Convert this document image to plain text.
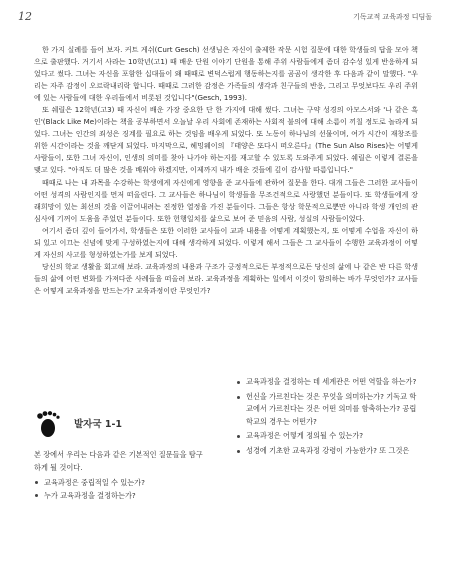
12	기독교적 교육과정 디딤돌

한 가지 실례를 들어 보자. 커트 게쉬(Curt Gesch) 선생님은 자신이 출제한 작문 시험 질문에 대한 학생들의 답을 모아 책으로 출판했다. 거기서 사라는 10학년(고1) 때 배운 단원 이야기 단원을 통해 주위 사람들에게 좀더 감수성 있게 반응하게 되었다고 썼다. 그녀는 자신을 포함한 십대들이 왜 때때로 변덕스럽게 행동하는지를 곰곰이 생각한 후 다음과 같이 말했다. "우리는 자주 감정이 오르락내리락 합니다. 때때로 그러한 감정은 가족들의 생각과 친구들의 반응, 그리고 무엇보다도 우리 주위에 있는 사람들에 대한 우리들에서 비롯된 것입니다"(Gesch, 1993).

또 쉐릴은 12학년(고3) 때 자신이 배운 가장 중요한 단 한 가지에 대해 썼다. 그녀는 구약 성경의 아모스서와 '나 같은 흑인'(Black Like Me)이라는 책을 공부하면서 오늘날 우리 사회에 존재하는 사회적 불의에 대해 소름이 끼칠 정도로 놀라게 되었다. 그녀는 인간의 죄성은 징계를 필요로 하는 것임을 배우게 되었다. 또 노동이 하나님의 선물이며, 여가 시간이 재창조를 위한 시간이라는 것을 깨닫게 되었다. 마지막으로, 헤밍웨이의 『태양은 또다시 떠오른다』(The Sun Also Rises)는 어떻게 사람들이, 또한 그녀 자신이, 인생의 의미를 찾아 나가야 하는지를 재고할 수 있도록 도와주게 되었다. 쉐릴은 이렇게 결론을 맺고 있다. "아직도 더 많은 것을 배워야 하겠지만, 이제까지 내가 배운 것들에 깊이 감사할 따름입니다."

때때로 나는 내 과목을 수강하는 학생에게 자신에게 영향을 준 교사들에 관하여 질문을 한다. 대개 그들은 그러한 교사들이 어떤 성격의 사람인지를 먼저 떠올린다. 그 교사들은 하나님이 학생들을 무조건적으로 사랑했던 분들이다. 또 학생들에게 장래희망이 있는 최선의 것을 이끌어내려는 진정한 열정을 가진 분들이다. 그들은 항상 학문적으로뿐만 아니라 학생 개인의 관심사에 기꺼이 도움을 주었던 분들이다. 또한 헌행일치를 삶으로 보여 준 믿음의 사람, 성실의 사람들이었다.

여기서 좀더 깊이 들어가서, 학생들은 또한 이러한 교사들이 교과 내용을 어떻게 계획했는지, 또 어떻게 수업을 자신이 하되 있고 이끄는 신념에 맞게 구성하였는지에 대해 생각하게 되었다. 이렇게 해서 그들은 그 교사들이 수행한 교육과정이 어떻게 자신의 사고를 형성하였는가를 보게 되었다.

당신의 학교 생활을 회고해 보라. 교육과정의 내용과 구조가 긍정적으로든 부정적으로든 당신의 삶에 나 같은 반 다른 학생들의 삶에 어떤 변화를 가져다준 사례들을 떠올려 보라. 교육과정을 계획하는 일에서 이것이 함의하는 바가 무엇인가? 교사들은 어떻게 교육과정을 만드는가? 교육과정이란 무엇인가?

발자국 1-1

본 장에서 우리는 다음과 같은 기본적인 질문들을 탐구하게 될 것이다.

교육과정은 중립적일 수 있는가?
누가 교육과정을 결정하는가?
교육과정을 결정하는 데 세계관은 어떤 역할을 하는가?
헌신을 가르친다는 것은 무엇을 의미하는가? 기독교 학교에서 가르친다는 것은 어떤 의미를 함축하는가? 공립학교의 경우는 어떤가?
교육과정은 어떻게 정의될 수 있는가?
성경에 기초한 교육과정 강령이 가능한가? 또 그것은
